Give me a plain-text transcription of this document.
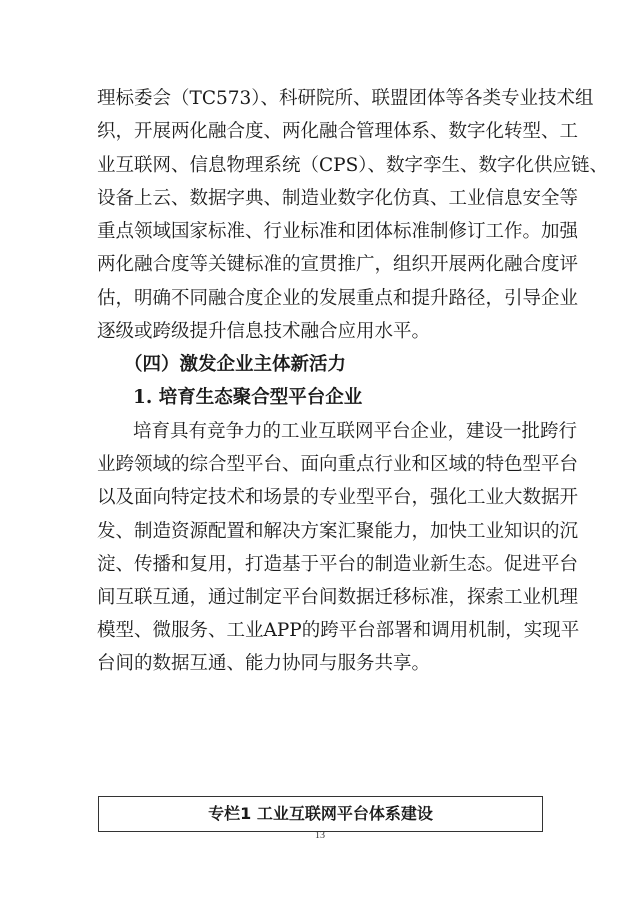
理标委会（TC573）、科研院所、联盟团体等各类专业技术组
织，开展两化融合度、两化融合管理体系、数字化转型、工
业互联网、信息物理系统（CPS）、数字孪生、数字化供应链、
设备上云、数据字典、制造业数字化仿真、工业信息安全等
重点领域国家标准、行业标准和团体标准制修订工作。加强
两化融合度等关键标准的宣贯推广，组织开展两化融合度评
估，明确不同融合度企业的发展重点和提升路径，引导企业
逐级或跨级提升信息技术融合应用水平。
（四）激发企业主体新活力
1. 培育生态聚合型平台企业
培育具有竞争力的工业互联网平台企业，建设一批跨行
业跨领域的综合型平台、面向重点行业和区域的特色型平台
以及面向特定技术和场景的专业型平台，强化工业大数据开
发、制造资源配置和解决方案汇聚能力，加快工业知识的沉
淀、传播和复用，打造基于平台的制造业新生态。促进平台
间互联互通，通过制定平台间数据迁移标准，探索工业机理
模型、微服务、工业APP的跨平台部署和调用机制，实现平
台间的数据互通、能力协同与服务共享。
专栏1 工业互联网平台体系建设
13
